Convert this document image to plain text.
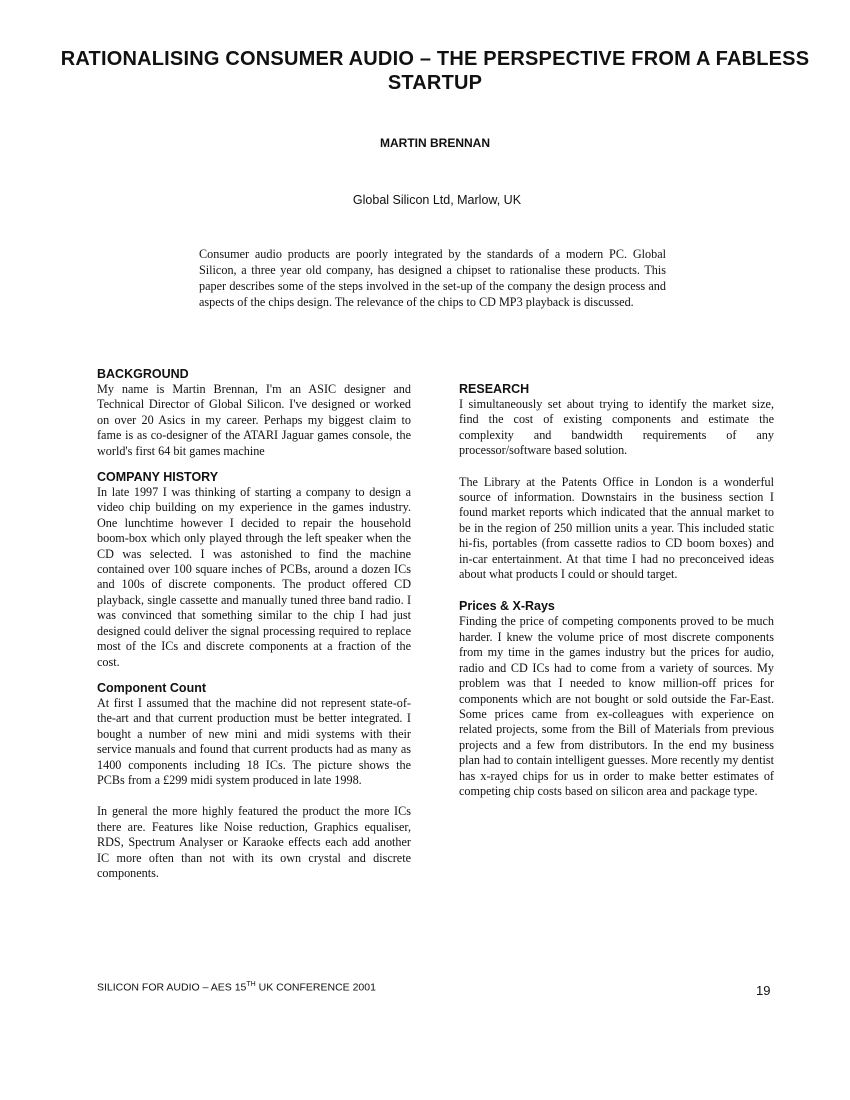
RATIONALISING CONSUMER AUDIO – THE PERSPECTIVE FROM A FABLESS STARTUP
MARTIN BRENNAN
Global Silicon Ltd, Marlow, UK
Consumer audio products are poorly integrated by the standards of a modern PC. Global Silicon, a three year old company, has designed a chipset to rationalise these products. This paper describes some of the steps involved in the set-up of the company the design process and aspects of the chips design. The relevance of the chips to CD MP3 playback is discussed.
BACKGROUND

My name is Martin Brennan, I'm an ASIC designer and Technical Director of Global Silicon. I've designed or worked on over 20 Asics in my career. Perhaps my biggest claim to fame is as co-designer of the ATARI Jaguar games console, the world's first 64 bit games machine

COMPANY HISTORY

In late 1997 I was thinking of starting a company to design a video chip building on my experience in the games industry. One lunchtime however I decided to repair the household boom-box which only played through the left speaker when the CD was selected. I was astonished to find the machine contained over 100 square inches of PCBs, around a dozen ICs and 100s of discrete components. The product offered CD playback, single cassette and manually tuned three band radio. I was convinced that something similar to the chip I had just designed could deliver the signal processing required to replace most of the ICs and discrete components at a fraction of the cost.

Component Count

At first I assumed that the machine did not represent state-of-the-art and that current production must be better integrated. I bought a number of new mini and midi systems with their service manuals and found that current products had as many as 1400 components including 18 ICs. The picture shows the PCBs from a £299 midi system produced in late 1998.

In general the more highly featured the product the more ICs there are. Features like Noise reduction, Graphics equaliser, RDS, Spectrum Analyser or Karaoke effects each add another IC more often than not with its own crystal and discrete components.

RESEARCH

I simultaneously set about trying to identify the market size, find the cost of existing components and estimate the complexity and bandwidth requirements of any processor/software based solution.

The Library at the Patents Office in London is a wonderful source of information. Downstairs in the business section I found market reports which indicated that the annual market to be in the region of 250 million units a year. This included static hi-fis, portables (from cassette radios to CD boom boxes) and in-car entertainment. At that time I had no preconceived ideas about what products I could or should target.

Prices & X-Rays

Finding the price of competing components proved to be much harder. I knew the volume price of most discrete components from my time in the games industry but the prices for audio, radio and CD ICs had to come from a variety of sources. My problem was that I needed to know million-off prices for components which are not bought or sold outside the Far-East. Some prices came from ex-colleagues with experience on related projects, some from the Bill of Materials from previous projects and a few from distributors. In the end my business plan had to contain intelligent guesses. More recently my dentist has x-rayed chips for us in order to make better estimates of competing chip costs based on silicon area and package type.

SILICON FOR AUDIO – AES 15TH UK CONFERENCE 2001	19
